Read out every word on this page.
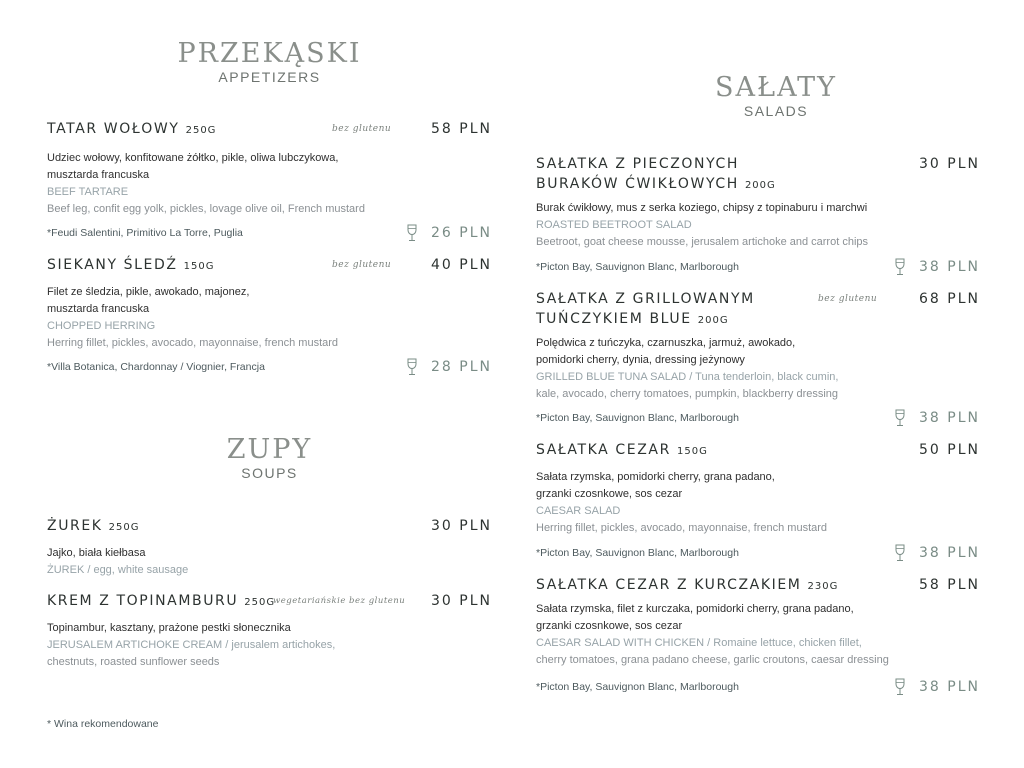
PRZEKĄSKI
APPETIZERS
TATAR WOŁOWY 250G	bez glutenu	58 PLN
Udziec wołowy, konfitowane żółtko, pikle, oliwa lubczykowa,
musztarda francuska
BEEF TARTARE
Beef leg, confit egg yolk, pickles, lovage olive oil, French mustard
*Feudi Salentini, Primitivo La Torre, Puglia	26 PLN
SIEKANY ŚLEDŹ 150G	bez glutenu	40 PLN
Filet ze śledzia, pikle, awokado, majonez,
musztarda francuska
CHOPPED HERRING
Herring fillet, pickles, avocado, mayonnaise, french mustard
*Villa Botanica, Chardonnay / Viognier, Francja	28 PLN
ZUPY
SOUPS
ŻUREK 250G	30 PLN
Jajko, biała kiełbasa
ŻUREK / egg, white sausage
KREM Z TOPINAMBURU 250G
wegetariańskie bez glutenu 30 PLN
Topinambur, kasztany, prażone pestki słonecznika
JERUSALEM ARTICHOKE CREAM / jerusalem artichokes,
chestnuts, roasted sunflower seeds
SAŁATY
SALADS
SAŁATKA Z PIECZONYCH
BURAKÓW ĆWIKŁOWYCH 200G
30 PLN
Burak ćwikłowy, mus z serka koziego, chipsy z topinaburu i marchwi
ROASTED BEETROOT SALAD
Beetroot, goat cheese mousse, jerusalem artichoke and carrot chips
*Picton Bay, Sauvignon Blanc, Marlborough	38 PLN
SAŁATKA Z GRILLOWANYM
TUŃCZYKIEM BLUE 200G
bez glutenu	68 PLN
Polędwica z tuńczyka, czarnuszka, jarmuż, awokado,
pomidorki cherry, dynia, dressing jeżynowy
GRILLED BLUE TUNA SALAD / Tuna tenderloin, black cumin,
kale, avocado, cherry tomatoes, pumpkin, blackberry dressing
*Picton Bay, Sauvignon Blanc, Marlborough	38 PLN
SAŁATKA CEZAR 150G	50 PLN
Sałata rzymska, pomidorki cherry, grana padano,
grzanki czosnkowe, sos cezar
CAESAR SALAD
Herring fillet, pickles, avocado, mayonnaise, french mustard
*Picton Bay, Sauvignon Blanc, Marlborough	38 PLN
SAŁATKA CEZAR Z KURCZAKIEM 230G	58 PLN
Sałata rzymska, filet z kurczaka, pomidorki cherry, grana padano,
grzanki czosnkowe, sos cezar
CAESAR SALAD WITH CHICKEN / Romaine lettuce, chicken fillet,
cherry tomatoes, grana padano cheese, garlic croutons, caesar dressing
*Picton Bay, Sauvignon Blanc, Marlborough	38 PLN
* Wina rekomendowane
